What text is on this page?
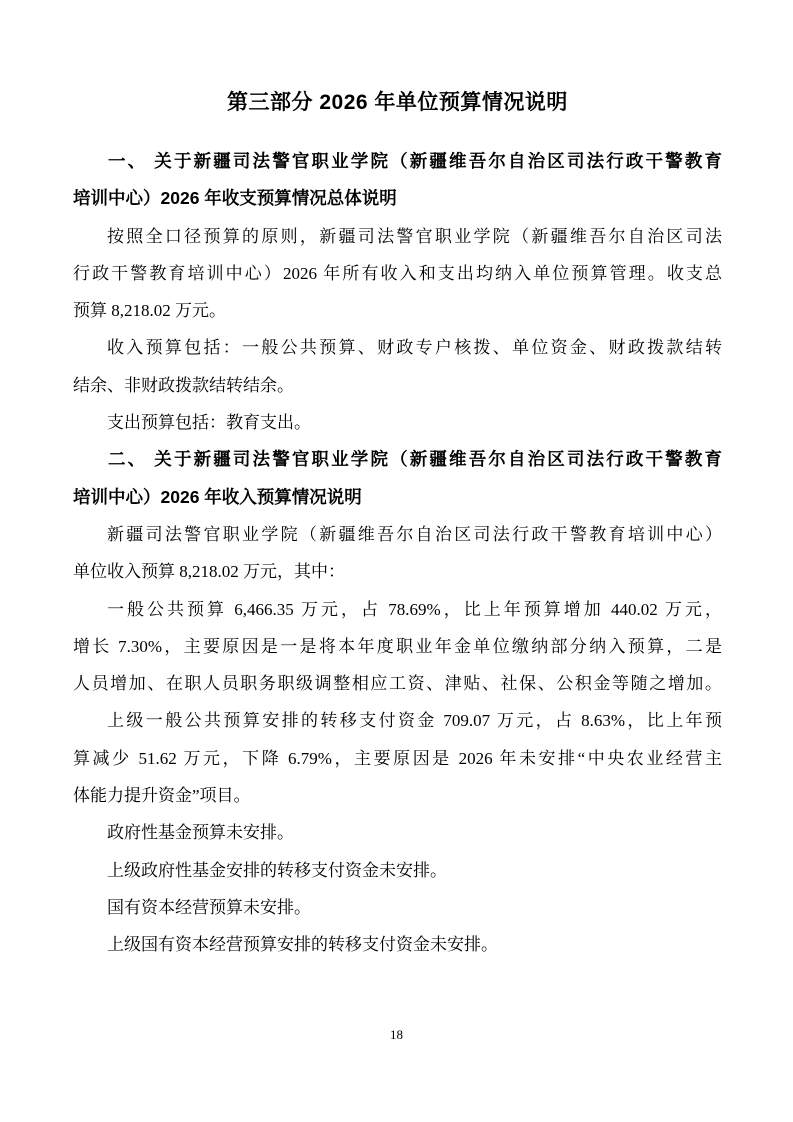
第三部分 2026 年单位预算情况说明
一、 关于新疆司法警官职业学院（新疆维吾尔自治区司法行政干警教育
培训中心）2026 年收支预算情况总体说明
按照全口径预算的原则，新疆司法警官职业学院（新疆维吾尔自治区司法
行政干警教育培训中心）2026 年所有收入和支出均纳入单位预算管理。收支总
预算 8,218.02 万元。
收入预算包括：一般公共预算、财政专户核拨、单位资金、财政拨款结转
结余、非财政拨款结转结余。
支出预算包括：教育支出。
二、 关于新疆司法警官职业学院（新疆维吾尔自治区司法行政干警教育
培训中心）2026 年收入预算情况说明
新疆司法警官职业学院（新疆维吾尔自治区司法行政干警教育培训中心）
单位收入预算 8,218.02 万元，其中：
一般公共预算 6,466.35 万元，占 78.69%，比上年预算增加 440.02 万元，
增长 7.30%，主要原因是一是将本年度职业年金单位缴纳部分纳入预算，二是
人员增加、在职人员职务职级调整相应工资、津贴、社保、公积金等随之增加。
上级一般公共预算安排的转移支付资金 709.07 万元，占 8.63%，比上年预
算减少 51.62 万元，下降 6.79%，主要原因是 2026 年未安排“中央农业经营主
体能力提升资金”项目。
政府性基金预算未安排。
上级政府性基金安排的转移支付资金未安排。
国有资本经营预算未安排。
上级国有资本经营预算安排的转移支付资金未安排。
18
